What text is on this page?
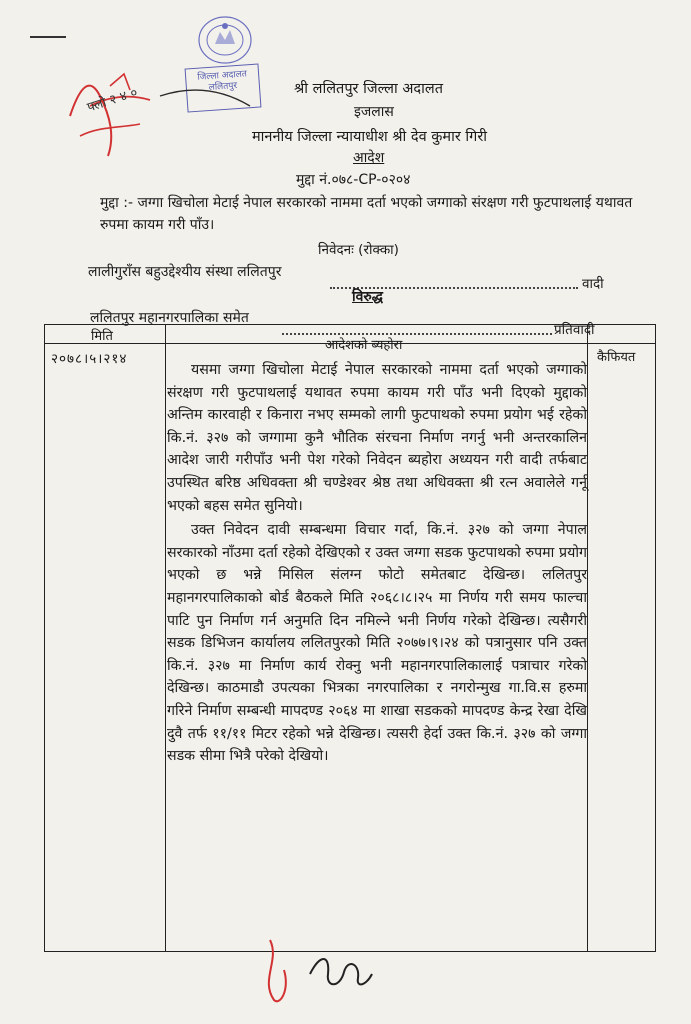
जिल्ला अदालत
ललितपुर
फ्लो २ ४ ०	श्री ललितपुर जिल्ला अदालत
इजलास
माननीय जिल्ला न्यायाधीश श्री देव कुमार गिरी
आदेश
मुद्दा नं.०७८-CP-०२०४
मुद्दा :- जग्गा खिचोला मेटाई नेपाल सरकारको नाममा दर्ता भएको जग्गाको संरक्षण गरी फुटपाथलाई यथावत रुपमा कायम गरी पाँउ।
निवेदनः (रोक्का)
लालीगुराँस बहुउद्देश्यीय संस्था ललितपुर
वादी
विरुद्ध
ललितपुर महानगरपालिका समेत
प्रतिवादी
मिति
आदेशको ब्यहोरा
कैफियत
२०७८।५।२१४

यसमा जग्गा खिचोला मेटाई नेपाल सरकारको नाममा दर्ता भएको जग्गाको संरक्षण गरी फुटपाथलाई यथावत रुपमा कायम गरी पाँउ भनी दिएको मुद्दाको अन्तिम कारवाही र किनारा नभए सम्मको लागी फुटपाथको रुपमा प्रयोग भई रहेको कि.नं. ३२७ को जग्गामा कुनै भौतिक संरचना निर्माण नगर्नु भनी अन्तरकालिन आदेश जारी गरीपाँउ भनी पेश गरेको निवेदन ब्यहोरा अध्ययन गरी वादी तर्फबाट उपस्थित बरिष्ठ अधिवक्ता श्री चण्डेश्वर श्रेष्ठ तथा अधिवक्ता श्री रत्न अवालेले गर्नू भएको बहस समेत सुनियो।

उक्त निवेदन दावी सम्बन्धमा विचार गर्दा, कि.नं. ३२७ को जग्गा नेपाल सरकारको नाँउमा दर्ता रहेको देखिएको र उक्त जग्गा सडक फुटपाथको रुपमा प्रयोग भएको छ भन्ने मिसिल संलग्न फोटो समेतबाट देखिन्छ। ललितपुर महानगरपालिकाको बोर्ड बैठकले मिति २०६८।८।२५ मा निर्णय गरी समय फाल्चा पाटि पुन निर्माण गर्न अनुमति दिन नमिल्ने भनी निर्णय गरेको देखिन्छ। त्यसैगरी सडक डिभिजन कार्यालय ललितपुरको मिति २०७७।९।२४ को पत्रानुसार पनि उक्त कि.नं. ३२७ मा निर्माण कार्य रोक्नु भनी महानगरपालिकालाई पत्राचार गरेको देखिन्छ। काठमाडौ उपत्यका भित्रका नगरपालिका र नगरोन्मुख गा.वि.स हरुमा गरिने निर्माण सम्बन्धी मापदण्ड २०६४ मा शाखा सडकको मापदण्ड केन्द्र रेखा देखि दुवै तर्फ ११/११ मिटर रहेको भन्ने देखिन्छ। त्यसरी हेर्दा उक्त कि.नं. ३२७ को जग्गा सडक सीमा भित्रै परेको देखियो।
